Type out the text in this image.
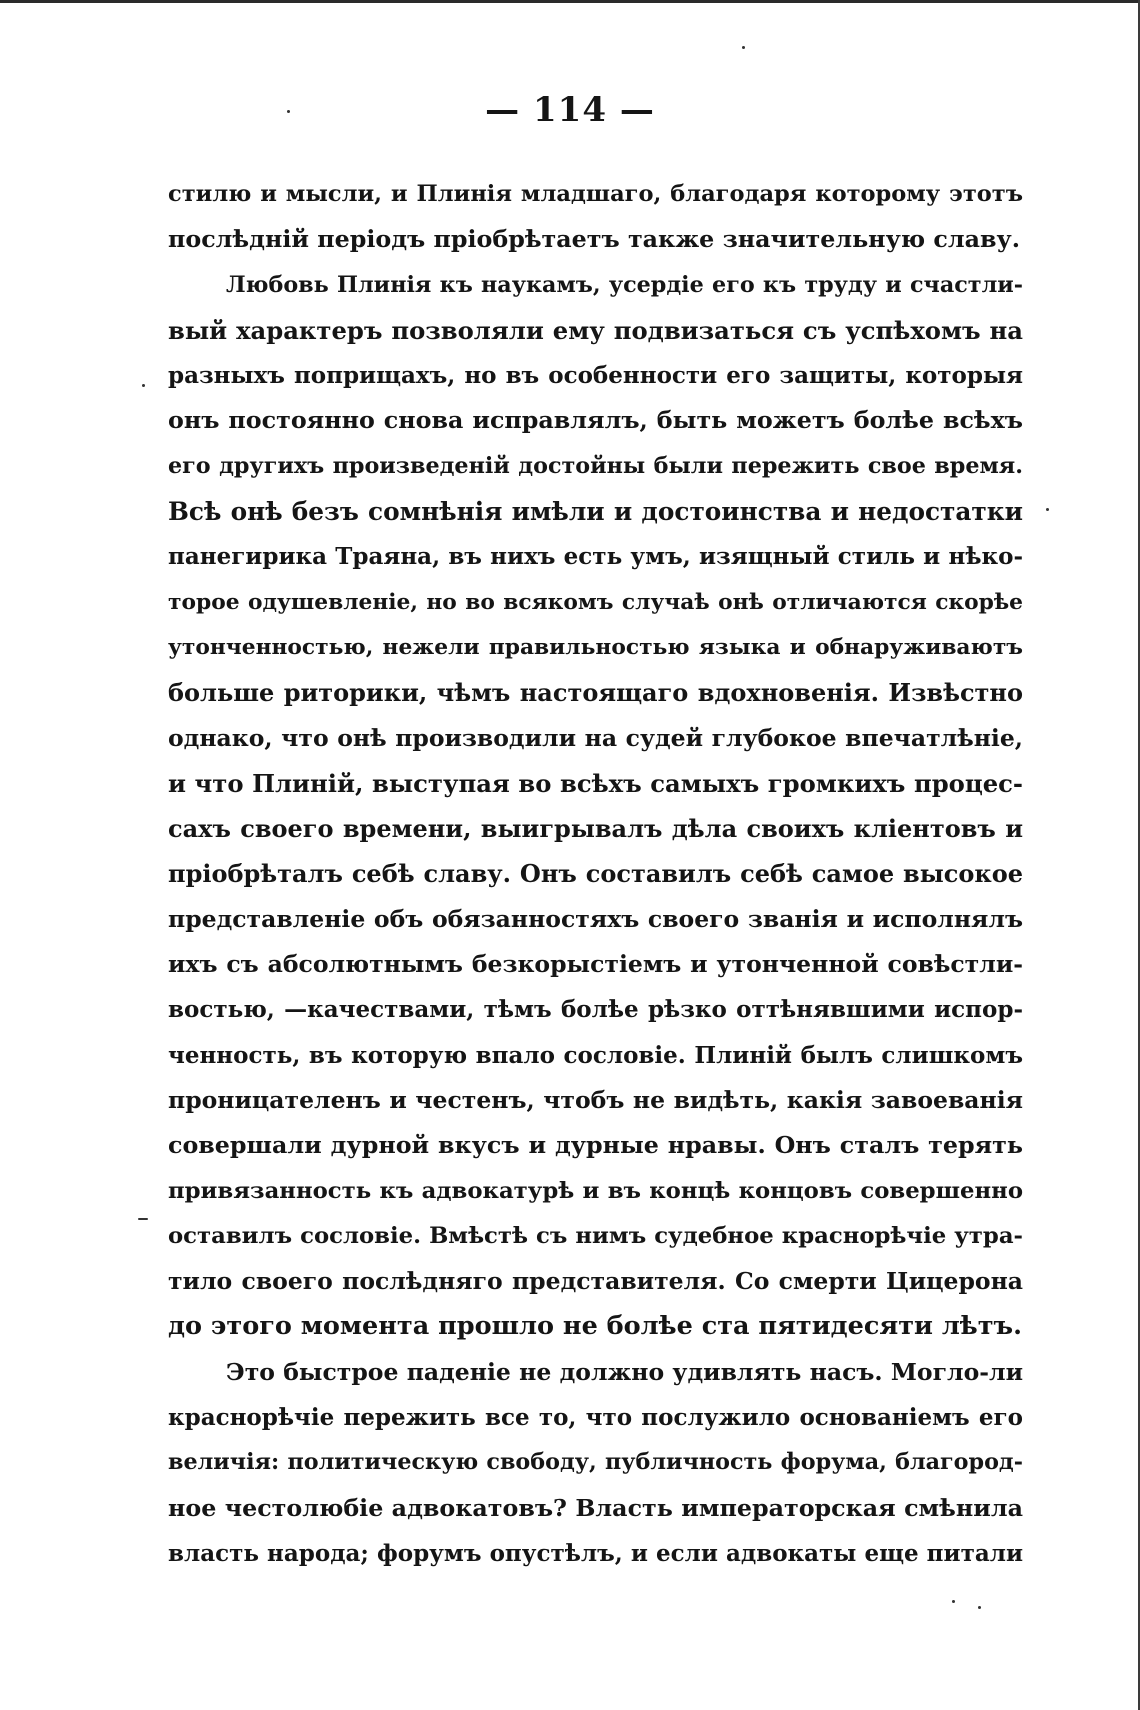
— 114 —
стилю и мысли, и Плинія младшаго, благодаря которому этотъ
послѣдній періодъ пріобрѣтаетъ также значительную славу.
Любовь Плинія къ наукамъ, усердіе его къ труду и счастли-
вый характеръ позволяли ему подвизаться съ успѣхомъ на
разныхъ поприщахъ, но въ особенности его защиты, которыя
онъ постоянно снова исправлялъ, быть можетъ болѣе всѣхъ
его другихъ произведеній достойны были пережить свое время.
Всѣ онѣ безъ сомнѣнія имѣли и достоинства и недостатки
панегирика Траяна, въ нихъ есть умъ, изящный стиль и нѣко-
торое одушевленіе, но во всякомъ случаѣ онѣ отличаются скорѣе
утонченностью, нежели правильностью языка и обнаруживаютъ
больше риторики, чѣмъ настоящаго вдохновенія. Извѣстно
однако, что онѣ производили на судей глубокое впечатлѣніе,
и что Плиній, выступая во всѣхъ самыхъ громкихъ процес-
сахъ своего времени, выигрывалъ дѣла своихъ кліентовъ и
пріобрѣталъ себѣ славу. Онъ составилъ себѣ самое высокое
представленіе объ обязанностяхъ своего званія и исполнялъ
ихъ съ абсолютнымъ безкорыстіемъ и утонченной совѣстли-
востью, —качествами, тѣмъ болѣе рѣзко оттѣнявшими испор-
ченность, въ которую впало сословіе. Плиній былъ слишкомъ
проницателенъ и честенъ, чтобъ не видѣть, какія завоеванія
совершали дурной вкусъ и дурные нравы. Онъ сталъ терять
привязанность къ адвокатурѣ и въ концѣ концовъ совершенно
оставилъ сословіе. Вмѣстѣ съ нимъ судебное краснорѣчіе утра-
тило своего послѣдняго представителя. Со смерти Цицерона
до этого момента прошло не болѣе ста пятидесяти лѣтъ.
Это быстрое паденіе не должно удивлять насъ. Могло-ли
краснорѣчіе пережить все то, что послужило основаніемъ его
величія: политическую свободу, публичность форума, благород-
ное честолюбіе адвокатовъ? Власть императорская смѣнила
власть народа; форумъ опустѣлъ, и если адвокаты еще питали
